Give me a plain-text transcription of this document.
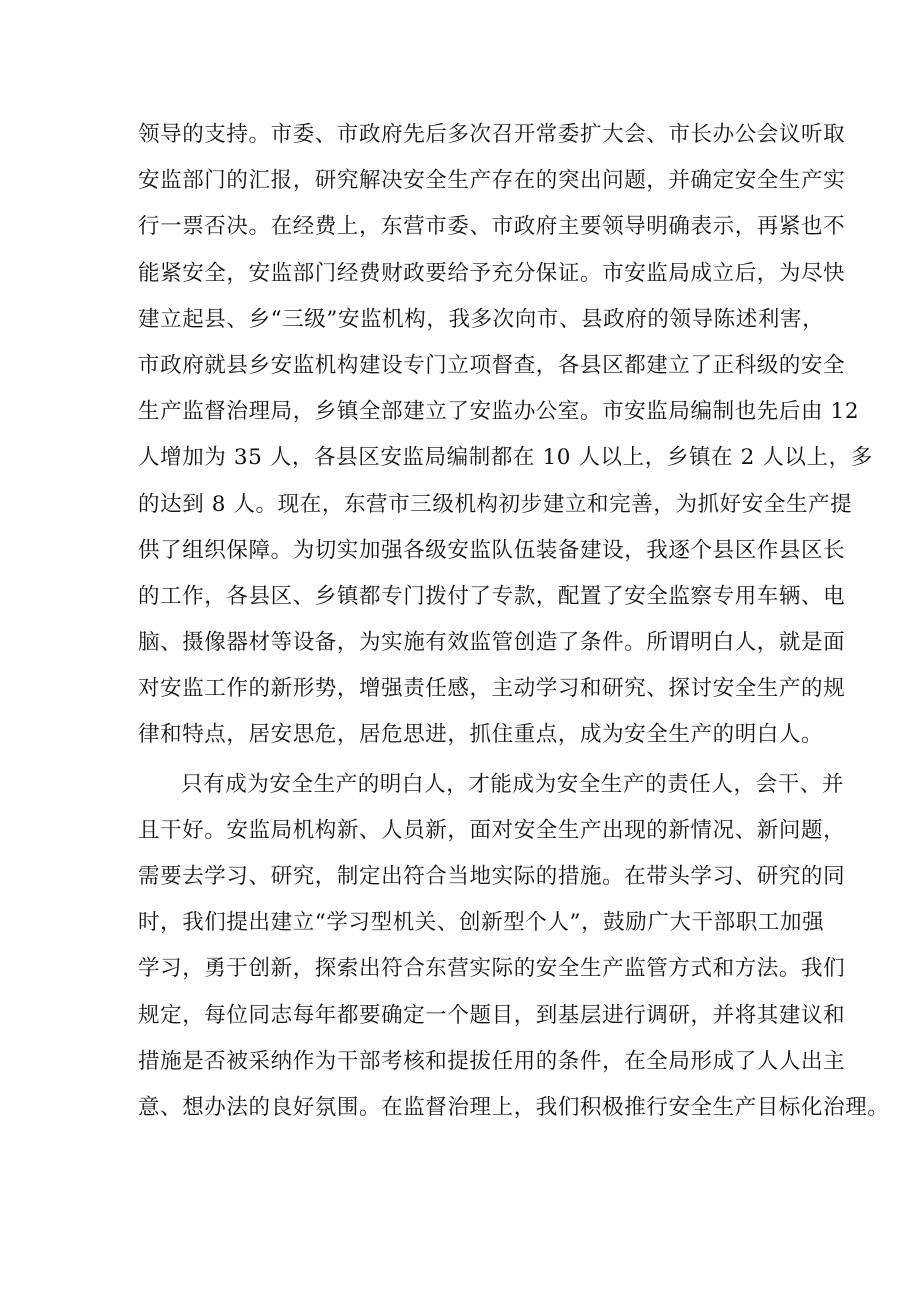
领导的支持。市委、市政府先后多次召开常委扩大会、市长办公会议听取
安监部门的汇报，研究解决安全生产存在的突出问题，并确定安全生产实
行一票否决。在经费上，东营市委、市政府主要领导明确表示，再紧也不
能紧安全，安监部门经费财政要给予充分保证。市安监局成立后，为尽快
建立起县、乡“三级”安监机构，我多次向市、县政府的领导陈述利害，
市政府就县乡安监机构建设专门立项督查，各县区都建立了正科级的安全
生产监督治理局，乡镇全部建立了安监办公室。市安监局编制也先后由 12
人增加为 35 人，各县区安监局编制都在 10 人以上，乡镇在 2 人以上，多
的达到 8 人。现在，东营市三级机构初步建立和完善，为抓好安全生产提
供了组织保障。为切实加强各级安监队伍装备建设，我逐个县区作县区长
的工作，各县区、乡镇都专门拨付了专款，配置了安全监察专用车辆、电
脑、摄像器材等设备，为实施有效监管创造了条件。所谓明白人，就是面
对安监工作的新形势，增强责任感，主动学习和研究、探讨安全生产的规
律和特点，居安思危，居危思进，抓住重点，成为安全生产的明白人。

只有成为安全生产的明白人，才能成为安全生产的责任人，会干、并
且干好。安监局机构新、人员新，面对安全生产出现的新情况、新问题，
需要去学习、研究，制定出符合当地实际的措施。在带头学习、研究的同
时，我们提出建立“学习型机关、创新型个人”，鼓励广大干部职工加强
学习，勇于创新，探索出符合东营实际的安全生产监管方式和方法。我们
规定，每位同志每年都要确定一个题目，到基层进行调研，并将其建议和
措施是否被采纳作为干部考核和提拔任用的条件，在全局形成了人人出主
意、想办法的良好氛围。在监督治理上，我们积极推行安全生产目标化治理。
